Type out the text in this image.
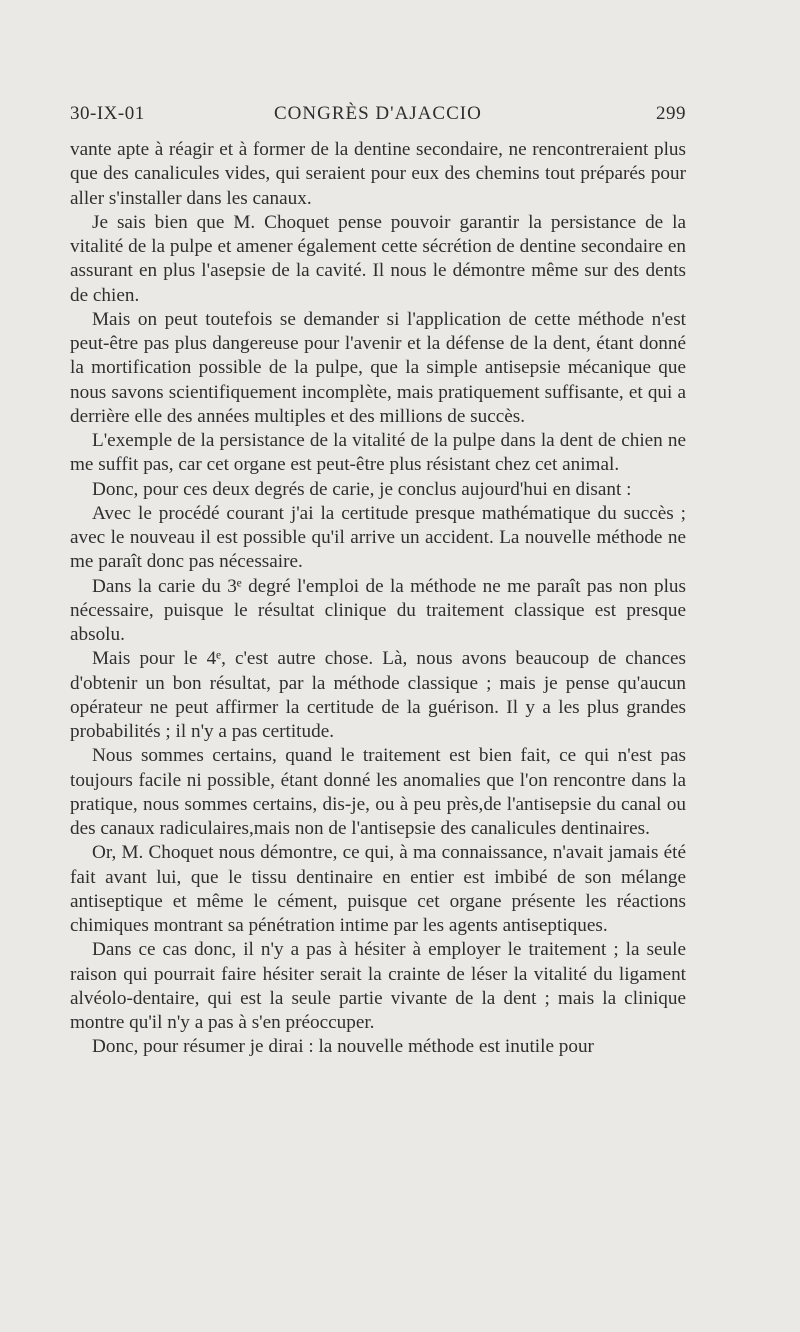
30-IX-01	CONGRÈS D'AJACCIO	299

vante apte à réagir et à former de la dentine secondaire, ne rencontreraient plus que des canalicules vides, qui seraient pour eux des chemins tout préparés pour aller s'installer dans les canaux.

Je sais bien que M. Choquet pense pouvoir garantir la persistance de la vitalité de la pulpe et amener également cette sécrétion de dentine secondaire en assurant en plus l'asepsie de la cavité. Il nous le démontre même sur des dents de chien.

Mais on peut toutefois se demander si l'application de cette méthode n'est peut-être pas plus dangereuse pour l'avenir et la défense de la dent, étant donné la mortification possible de la pulpe, que la simple antisepsie mécanique que nous savons scientifiquement incomplète, mais pratiquement suffisante, et qui a derrière elle des années multiples et des millions de succès.

L'exemple de la persistance de la vitalité de la pulpe dans la dent de chien ne me suffit pas, car cet organe est peut-être plus résistant chez cet animal.

Donc, pour ces deux degrés de carie, je conclus aujourd'hui en disant :

Avec le procédé courant j'ai la certitude presque mathématique du succès ; avec le nouveau il est possible qu'il arrive un accident. La nouvelle méthode ne me paraît donc pas nécessaire.

Dans la carie du 3ᵉ degré l'emploi de la méthode ne me paraît pas non plus nécessaire, puisque le résultat clinique du traitement classique est presque absolu.

Mais pour le 4ᵉ, c'est autre chose. Là, nous avons beaucoup de chances d'obtenir un bon résultat, par la méthode classique ; mais je pense qu'aucun opérateur ne peut affirmer la certitude de la guérison. Il y a les plus grandes probabilités ; il n'y a pas certitude.

Nous sommes certains, quand le traitement est bien fait, ce qui n'est pas toujours facile ni possible, étant donné les anomalies que l'on rencontre dans la pratique, nous sommes certains, dis-je, ou à peu près,de l'antisepsie du canal ou des canaux radiculaires,mais non de l'antisepsie des canalicules dentinaires.

Or, M. Choquet nous démontre, ce qui, à ma connaissance, n'avait jamais été fait avant lui, que le tissu dentinaire en entier est imbibé de son mélange antiseptique et même le cément, puisque cet organe présente les réactions chimiques montrant sa pénétration intime par les agents antiseptiques.

Dans ce cas donc, il n'y a pas à hésiter à employer le traitement ; la seule raison qui pourrait faire hésiter serait la crainte de léser la vitalité du ligament alvéolo-dentaire, qui est la seule partie vivante de la dent ; mais la clinique montre qu'il n'y a pas à s'en préoccuper.

Donc, pour résumer je dirai : la nouvelle méthode est inutile pour
